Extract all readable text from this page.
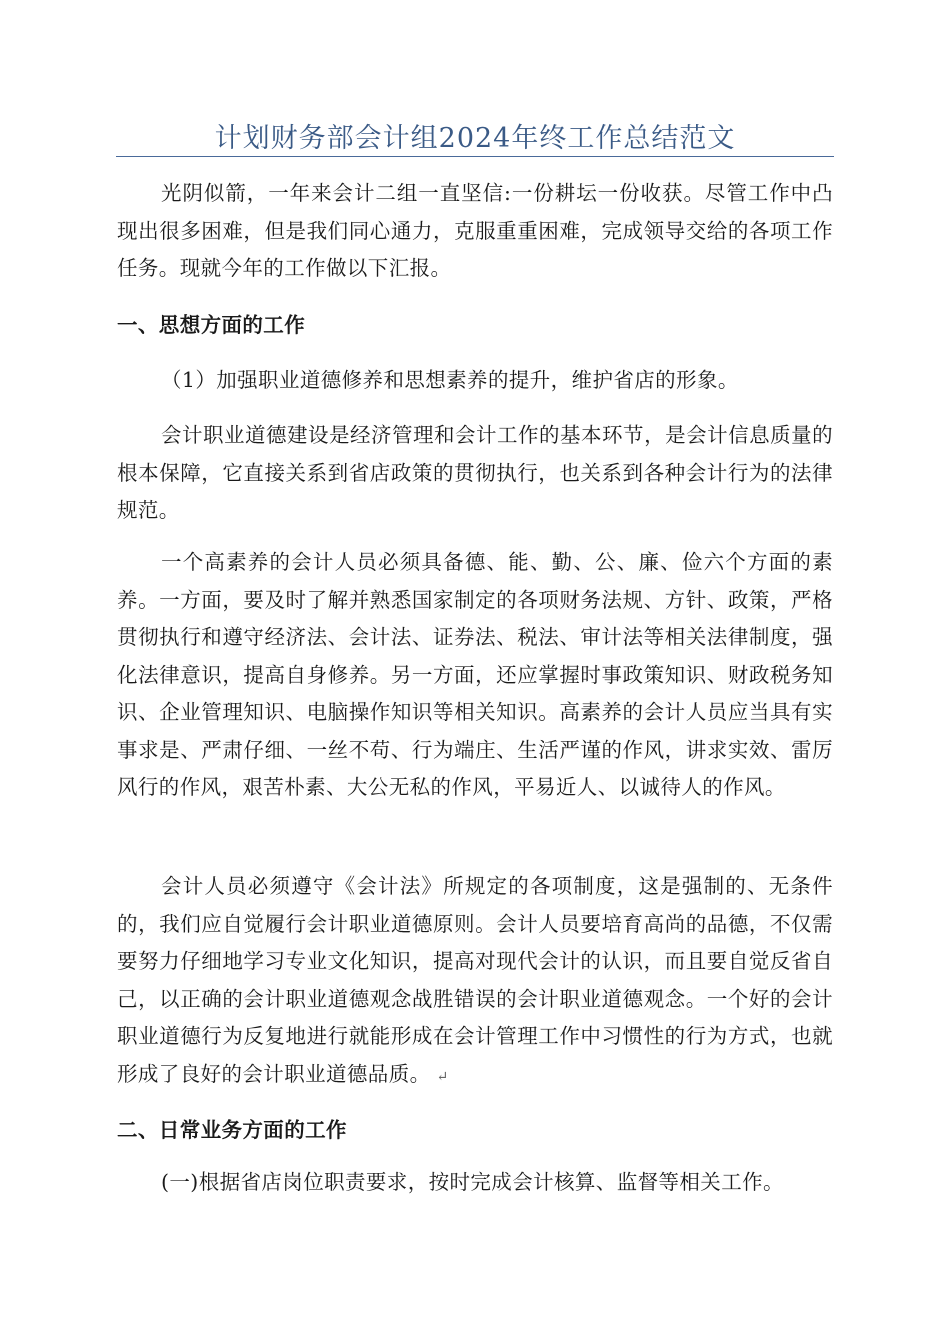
计划财务部会计组2024年终工作总结范文

光阴似箭，一年来会计二组一直坚信:一份耕坛一份收获。尽管工作中凸现出很多困难，但是我们同心通力，克服重重困难，完成领导交给的各项工作任务。现就今年的工作做以下汇报。

一、思想方面的工作

（1）加强职业道德修养和思想素养的提升，维护省店的形象。

会计职业道德建设是经济管理和会计工作的基本环节，是会计信息质量的根本保障，它直接关系到省店政策的贯彻执行，也关系到各种会计行为的法律规范。

一个高素养的会计人员必须具备德、能、勤、公、廉、俭六个方面的素养。一方面，要及时了解并熟悉国家制定的各项财务法规、方针、政策，严格贯彻执行和遵守经济法、会计法、证券法、税法、审计法等相关法律制度，强化法律意识，提高自身修养。另一方面，还应掌握时事政策知识、财政税务知识、企业管理知识、电脑操作知识等相关知识。高素养的会计人员应当具有实事求是、严肃仔细、一丝不苟、行为端庄、生活严谨的作风，讲求实效、雷厉风行的作风，艰苦朴素、大公无私的作风，平易近人、以诚待人的作风。

会计人员必须遵守《会计法》所规定的各项制度，这是强制的、无条件的，我们应自觉履行会计职业道德原则。会计人员要培育高尚的品德，不仅需要努力仔细地学习专业文化知识，提高对现代会计的认识，而且要自觉反省自己，以正确的会计职业道德观念战胜错误的会计职业道德观念。一个好的会计职业道德行为反复地进行就能形成在会计管理工作中习惯性的行为方式，也就形成了良好的会计职业道德品质。 ↵

二、日常业务方面的工作

(一)根据省店岗位职责要求，按时完成会计核算、监督等相关工作。
